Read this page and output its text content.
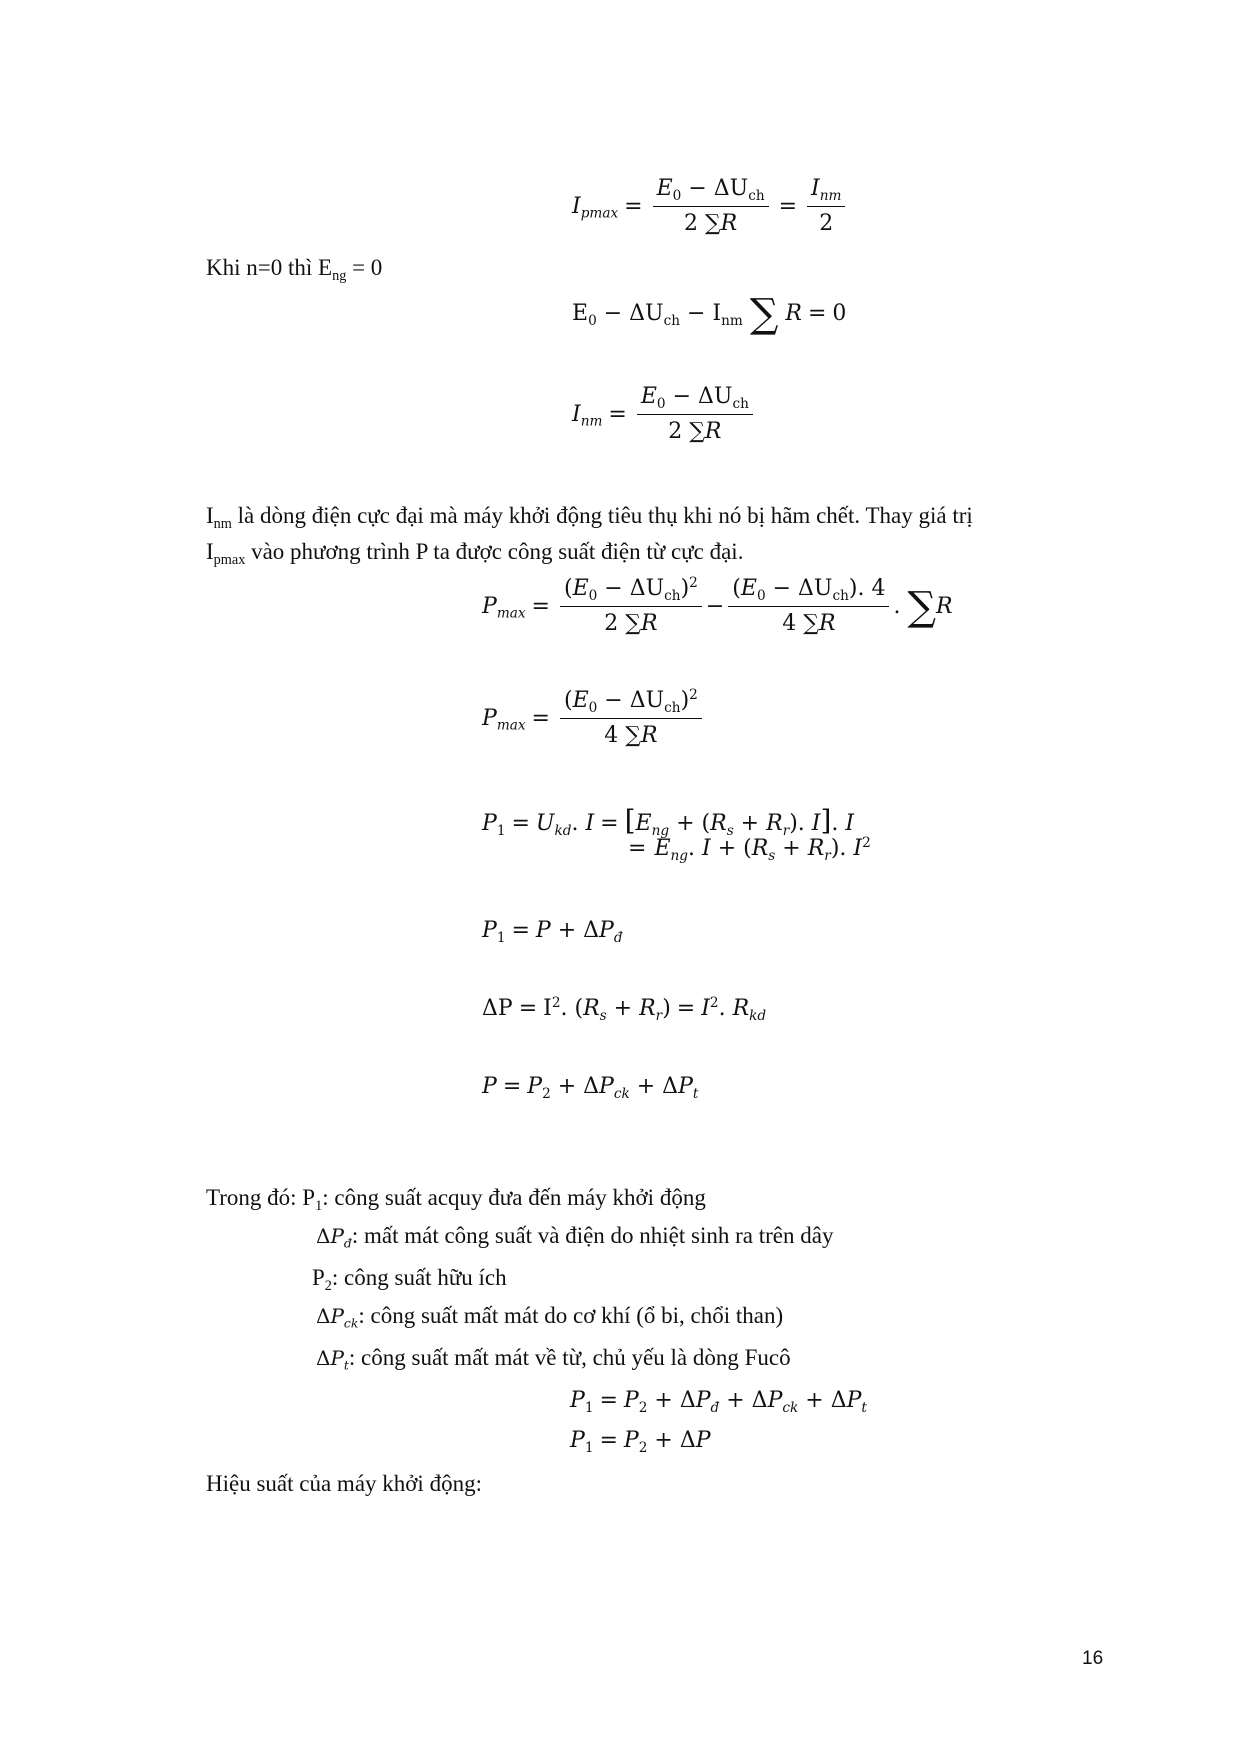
$I_{pmax} = \frac{E_0 - \Delta U_{ch}}{2 \sum R} = \frac{I_{nm}}{2}$
Khi n=0 thì $E_{ng} = 0$
$E_0 - \Delta U_{ch} - I_{nm}$ ∑ R = 0
$I_{nm} = \frac{E_0 - \Delta U_{ch}}{2 \sum R}$
$I_{nm}$ là dòng điện cực đại mà máy khởi động tiêu thụ khi nó bị hãm chết. Thay giá trị
$I_{pmax}$ vào phương trình P ta được công suất điện từ cực đại.
$P_{max} = \frac{(E_0 - \Delta U_{ch})^2}{2 \sum R} - \frac{(E_0 - \Delta U_{ch}). 4}{4 \sum R}$ . ∑R
$P_{max} = \frac{(E_0 - \Delta U_{ch})^2}{4 \sum R}$
$P_1 = U_{kd}$. $I = [E_{ng} + (R_s + R_r)$. I]. I
= $E_{ng}$. $I + (R_s + R_r)$. $I^2$
$P_1 = P + \Delta P_đ$
$\Delta P = I^2$. $(R_s + R_r) = I^2$. $R_{kd}$
$P = P_2 + \Delta P_{ck} + \Delta P_t$
Trong đó: $P_1$: công suất acquy đưa đến máy khởi động
$\Delta P_đ$: mất mát công suất và điện do nhiệt sinh ra trên dây
$P_2$: công suất hữu ích
$\Delta P_{ck}$: công suất mất mát do cơ khí (ổ bi, chổi than)
$\Delta P_t$: công suất mất mát về từ, chủ yếu là dòng Fucô
$P_1 = P_2 + \Delta P_đ + \Delta P_{ck} + \Delta P_t$
$P_1 = P_2 + \Delta P$
Hiệu suất của máy khởi động:
16
